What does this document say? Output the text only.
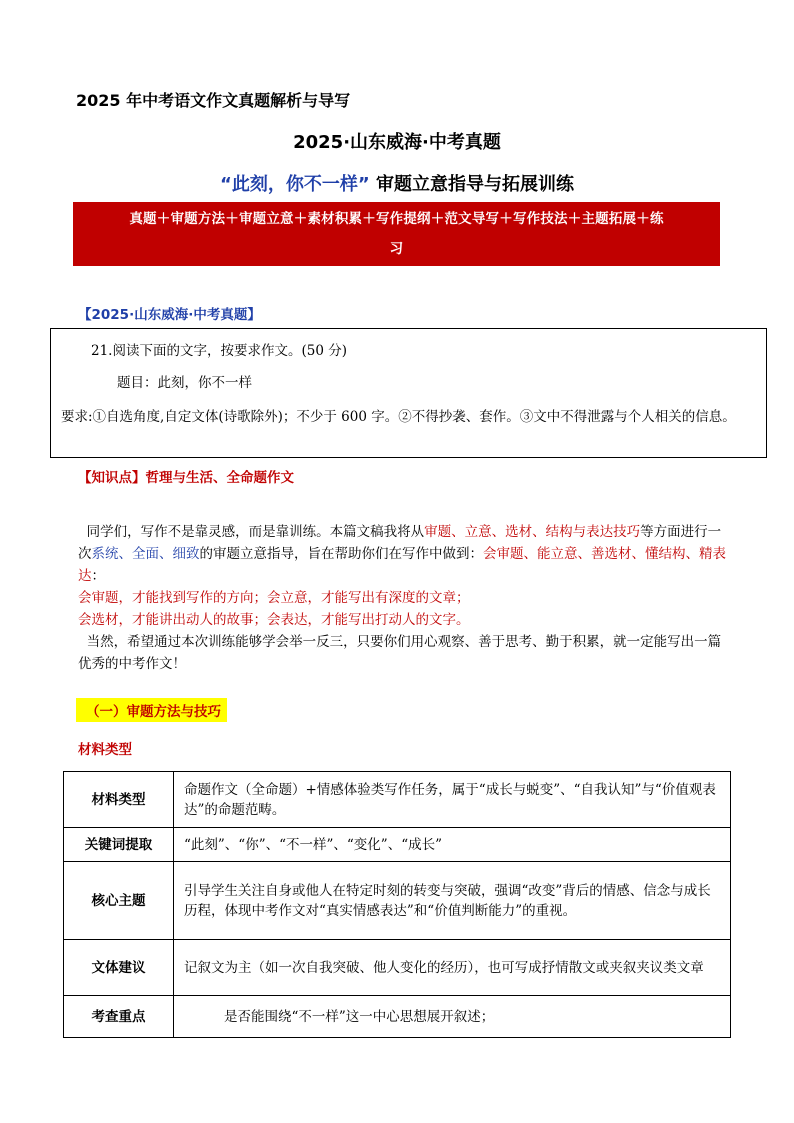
2025 年中考语文作文真题解析与导写
2025·山东威海·中考真题
“此刻，你不一样” 审题立意指导与拓展训练
真题＋审题方法＋审题立意＋素材积累＋写作提纲＋范文导写＋写作技法＋主题拓展＋练
习
【2025·山东威海·中考真题】
21.阅读下面的文字，按要求作文。(50 分)
题目：此刻，你不一样
要求:①自选角度,自定文体(诗歌除外)；不少于 600 字。②不得抄袭、套作。③文中不得泄露与个人相关的信息。
【知识点】哲理与生活、全命题作文

同学们，写作不是靠灵感，而是靠训练。本篇文稿我将从审题、立意、选材、结构与表达技巧等方面进行一次系统、全面、细致的审题立意指导，旨在帮助你们在写作中做到：会审题、能立意、善选材、懂结构、精表达：

会审题，才能找到写作的方向；会立意，才能写出有深度的文章；

会选材，才能讲出动人的故事；会表达，才能写出打动人的文字。

当然，希望通过本次训练能够学会举一反三，只要你们用心观察、善于思考、勤于积累，就一定能写出一篇优秀的中考作文！

（一）审题方法与技巧
材料类型
材料类型	命题作文（全命题）+情感体验类写作任务，属于“成长与蜕变”、“自我认知”与“价值观表达”的命题范畴。
关键词提取	“此刻”、“你”、“不一样”、“变化”、“成长”
核心主题	引导学生关注自身或他人在特定时刻的转变与突破，强调“改变”背后的情感、信念与成长历程，体现中考作文对“真实情感表达”和“价值判断能力”的重视。
文体建议	记叙文为主（如一次自我突破、他人变化的经历），也可写成抒情散文或夹叙夹议类文章
考查重点	是否能围绕“不一样”这一中心思想展开叙述；
